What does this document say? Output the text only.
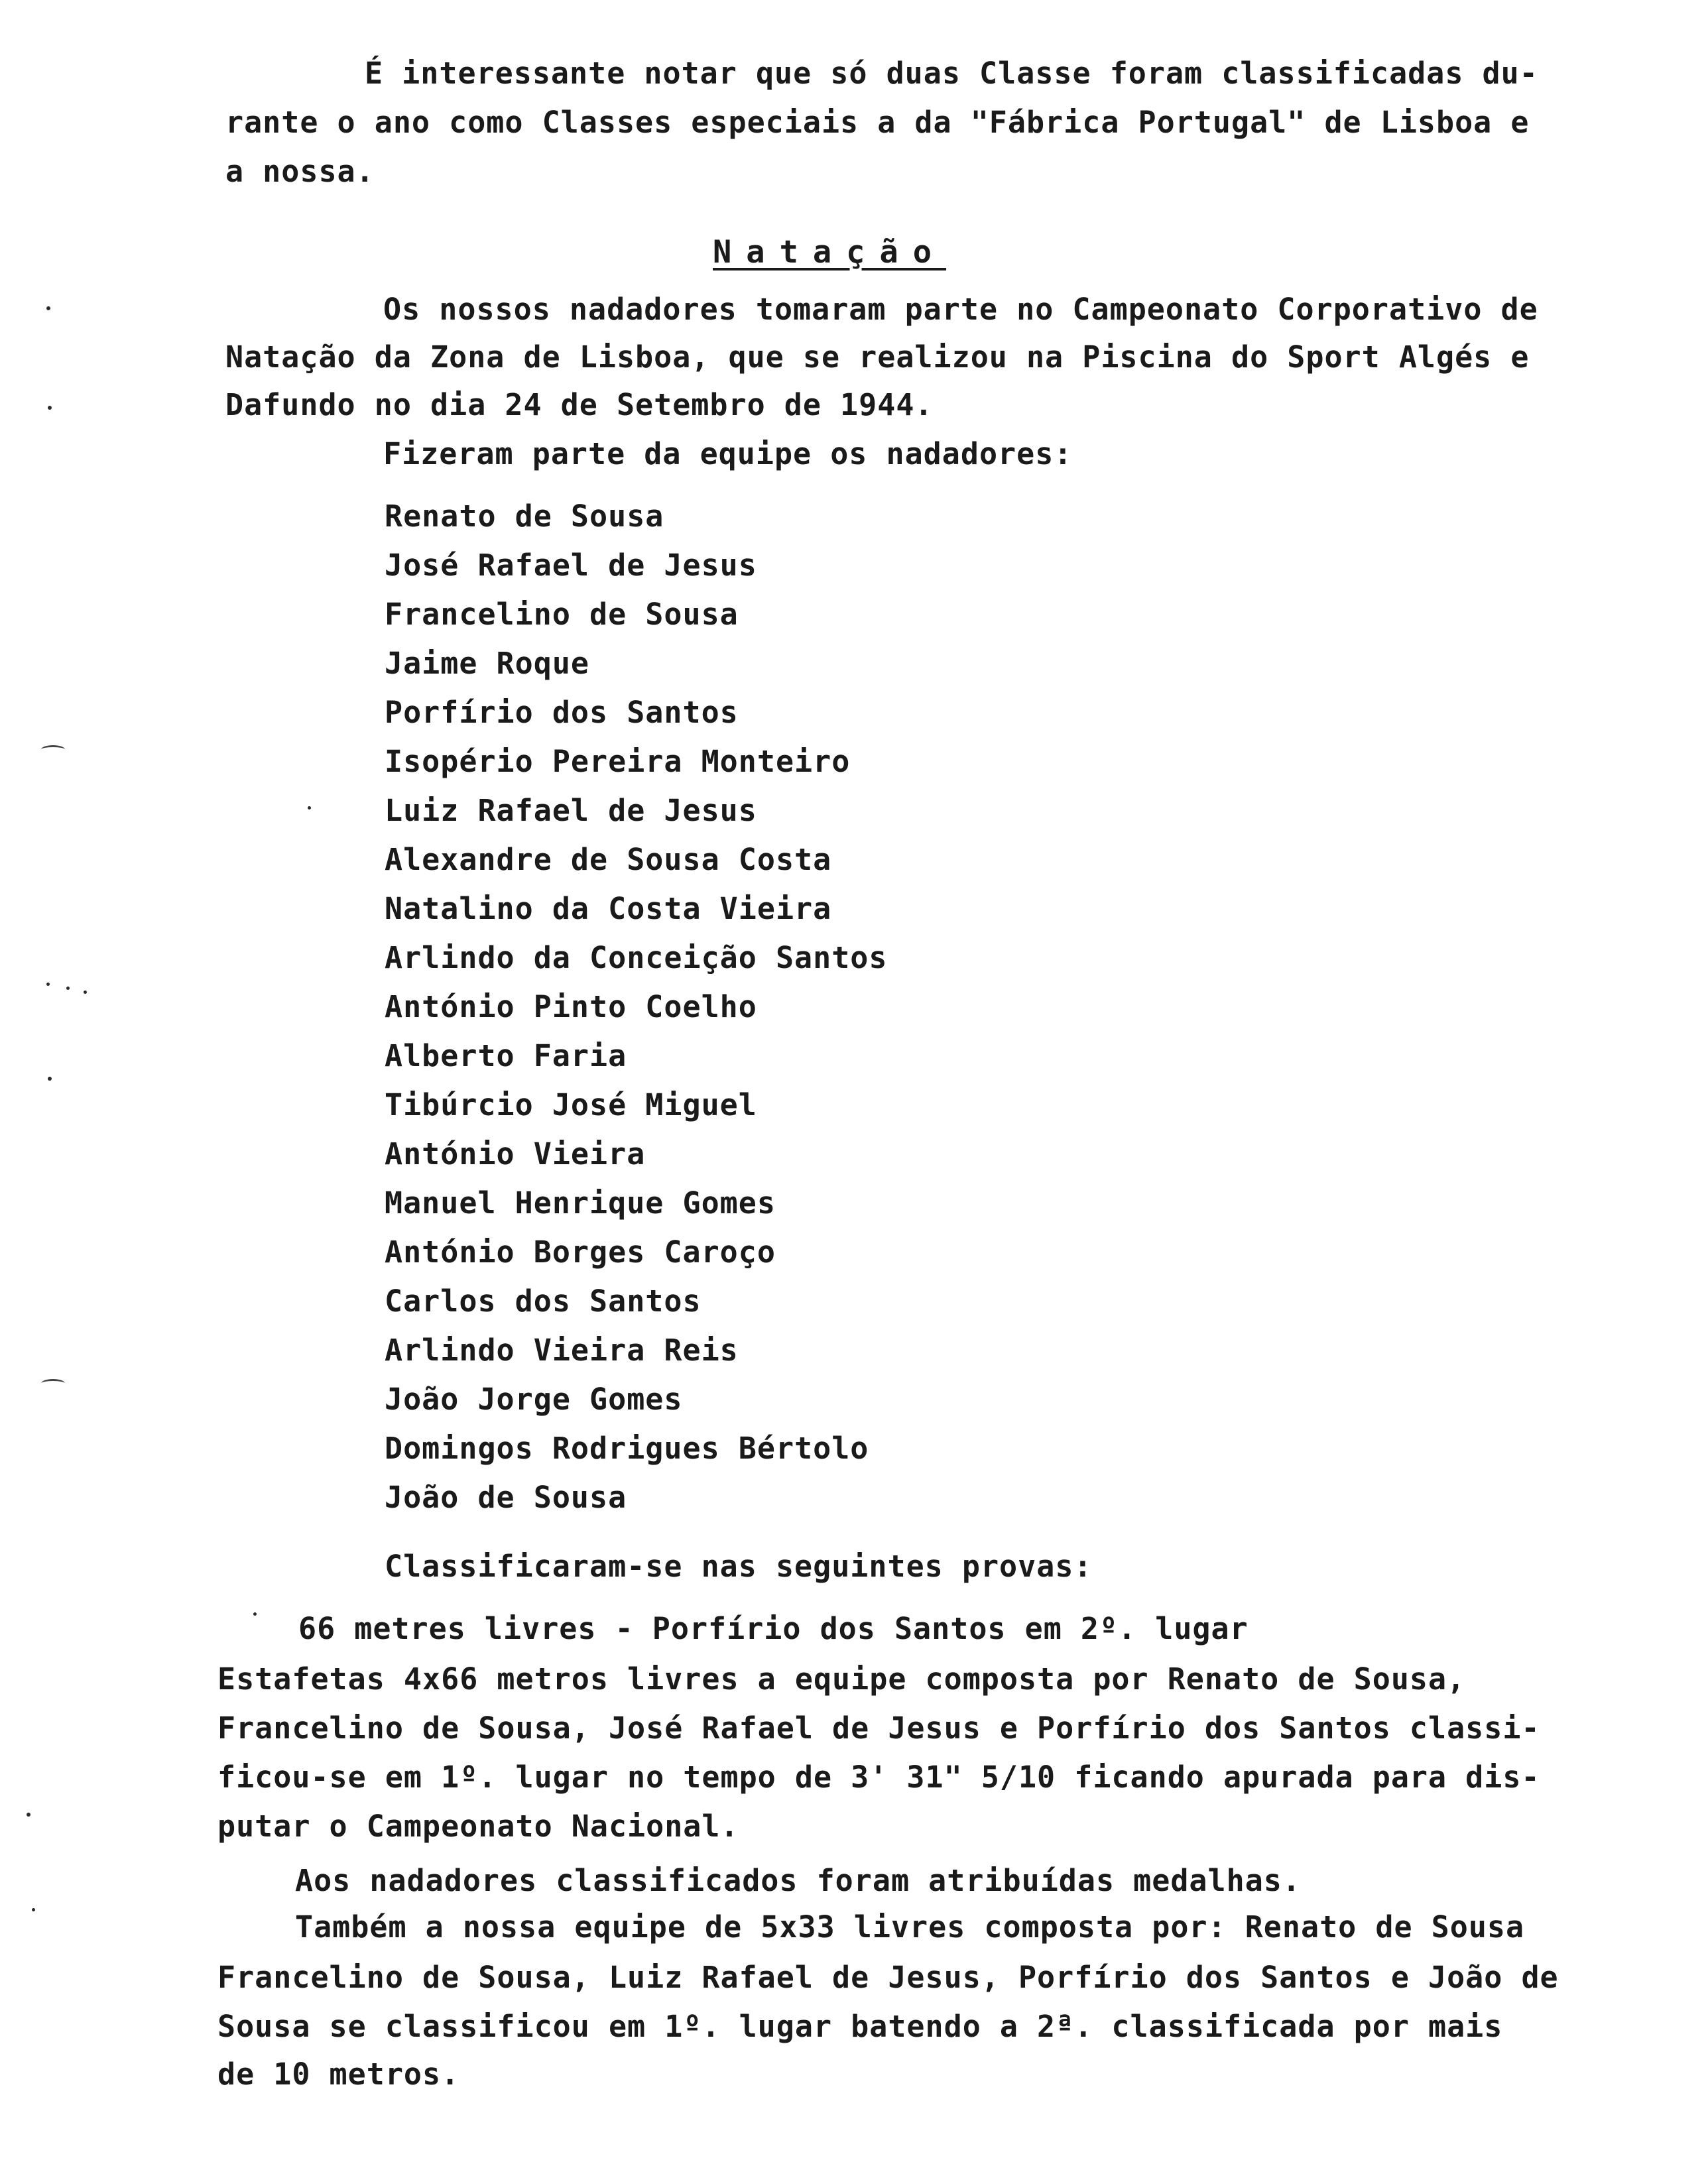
É interessante notar que só duas Classe foram classificadas du-

rante o ano como Classes especiais a da "Fábrica Portugal" de Lisboa e

a nossa.

Natação

Os nossos nadadores tomaram parte no Campeonato Corporativo de

Natação da Zona de Lisboa, que se realizou na Piscina do Sport Algés e

Dafundo no dia 24 de Setembro de 1944.

Fizeram parte da equipe os nadadores:

Renato de Sousa

José Rafael de Jesus

Francelino de Sousa

Jaime Roque

Porfírio dos Santos

Isopério Pereira Monteiro

Luiz Rafael de Jesus

Alexandre de Sousa Costa

Natalino da Costa Vieira

Arlindo da Conceição Santos

António Pinto Coelho

Alberto Faria

Tibúrcio José Miguel

António Vieira

Manuel Henrique Gomes

António Borges Caroço

Carlos dos Santos

Arlindo Vieira Reis

João Jorge Gomes

Domingos Rodrigues Bértolo

João de Sousa

Classificaram-se nas seguintes provas:

66 metres livres - Porfírio dos Santos em 2º. lugar

Estafetas 4x66 metros livres a equipe composta por Renato de Sousa,

Francelino de Sousa, José Rafael de Jesus e Porfírio dos Santos classi-

ficou-se em 1º. lugar no tempo de 3' 31" 5/10 ficando apurada para dis-

putar o Campeonato Nacional.

Aos nadadores classificados foram atribuídas medalhas.

Também a nossa equipe de 5x33 livres composta por: Renato de Sousa

Francelino de Sousa, Luiz Rafael de Jesus, Porfírio dos Santos e João de

Sousa se classificou em 1º. lugar batendo a 2ª. classificada por mais

de 10 metros.
